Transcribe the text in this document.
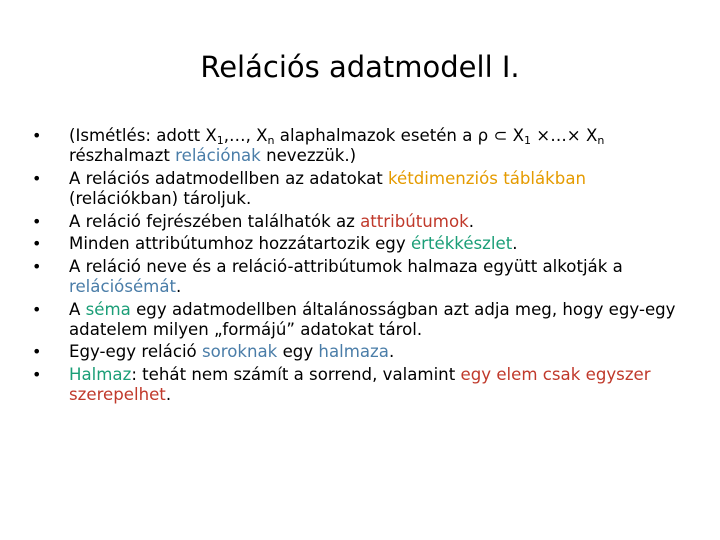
Relációs adatmodell I.
• (Ismétlés: adott $X_1,\dots$, $X_n$ alaphalmazok esetén a ρ ⊂ $X_1$ ×…× $X_n$ részhalmazt relációnak nevezzük.)
• A relációs adatmodellben az adatokat kétdimenziós táblákban (relációkban) tároljuk.
• A reláció fejrészében találhatók az attribútumok.
• Minden attribútumhoz hozzátartozik egy értékkészlet.
• A reláció neve és a reláció-attribútumok halmaza együtt alkotják a relációsémát.
• A séma egy adatmodellben általánosságban azt adja meg, hogy egy-egy adatelem milyen „formájú” adatokat tárol.
• Egy-egy reláció soroknak egy halmaza.
• Halmaz: tehát nem számít a sorrend, valamint egy elem csak egyszer szerepelhet.
